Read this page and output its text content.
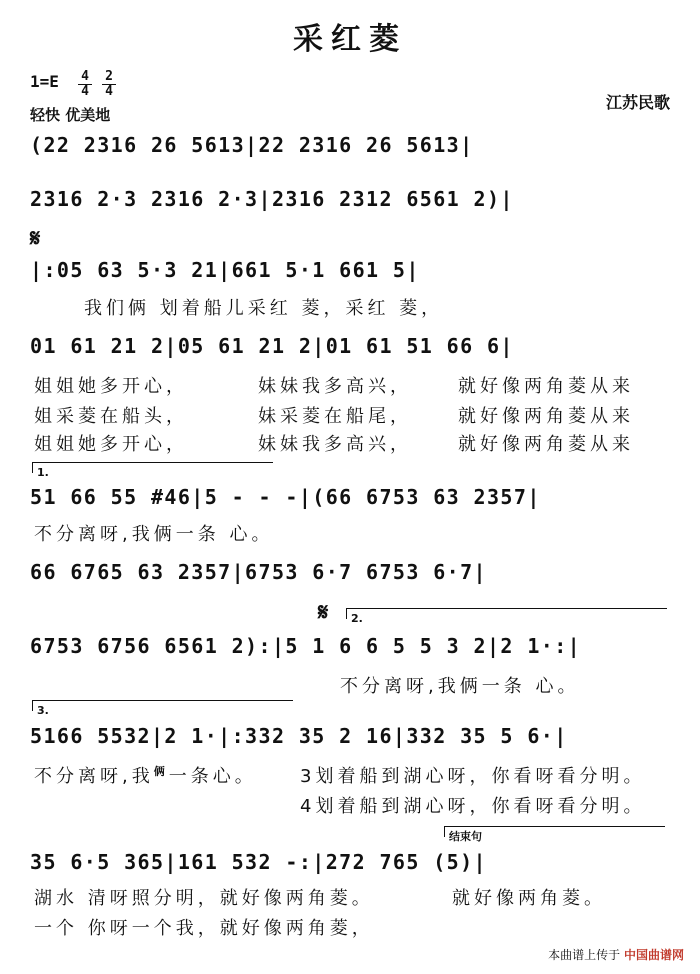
采红菱
$1=E \frac{4}{4} \frac{2}{4}$
轻快 优美地
江苏民歌
(22 2316 26 5613|22 2316 26 5613|
2316 2·3 2316 2·3|2316 2312 6561 2)|
𝄋
|:05 63 5·3 21|661 5·1 661 5|
我们俩 划着船儿采红 菱，采红 菱，
01 61 21 2|05 61 21 2|01 61 51 66 6|
姐姐她多开心，	妹妹我多高兴，	就好像两角菱从来
姐采菱在船头，	妹采菱在船尾，	就好像两角菱从来
姐姐她多开心，	妹妹我多高兴，	就好像两角菱从来
1.
51 66 55 #46|5 - - -|(66 6753 63 2357|
不分离呀,我俩一条 心。
66 6765 63 2357|6753 6·7 6753 6·7|
𝄋	2.
6753 6756 6561 2):|5 1 6 6 5 5 3 2|2 1·:|
不分离呀,我俩一条 心。
3.
5166 5532|2 1·|:332 35 2 16|332 35 5 6·|
不分离呀,我$^俩$一条心。 3划着船到湖心呀，你看呀看分明。
4划着船到湖心呀，你看呀看分明。
结束句
35 6·5 365|161 532 -:|272 765 (5)|
湖水 清呀照分明，就好像两角菱。	就好像两角菱。
一个 你呀一个我，就好像两角菱，
本曲谱上传于 中国曲谱网
